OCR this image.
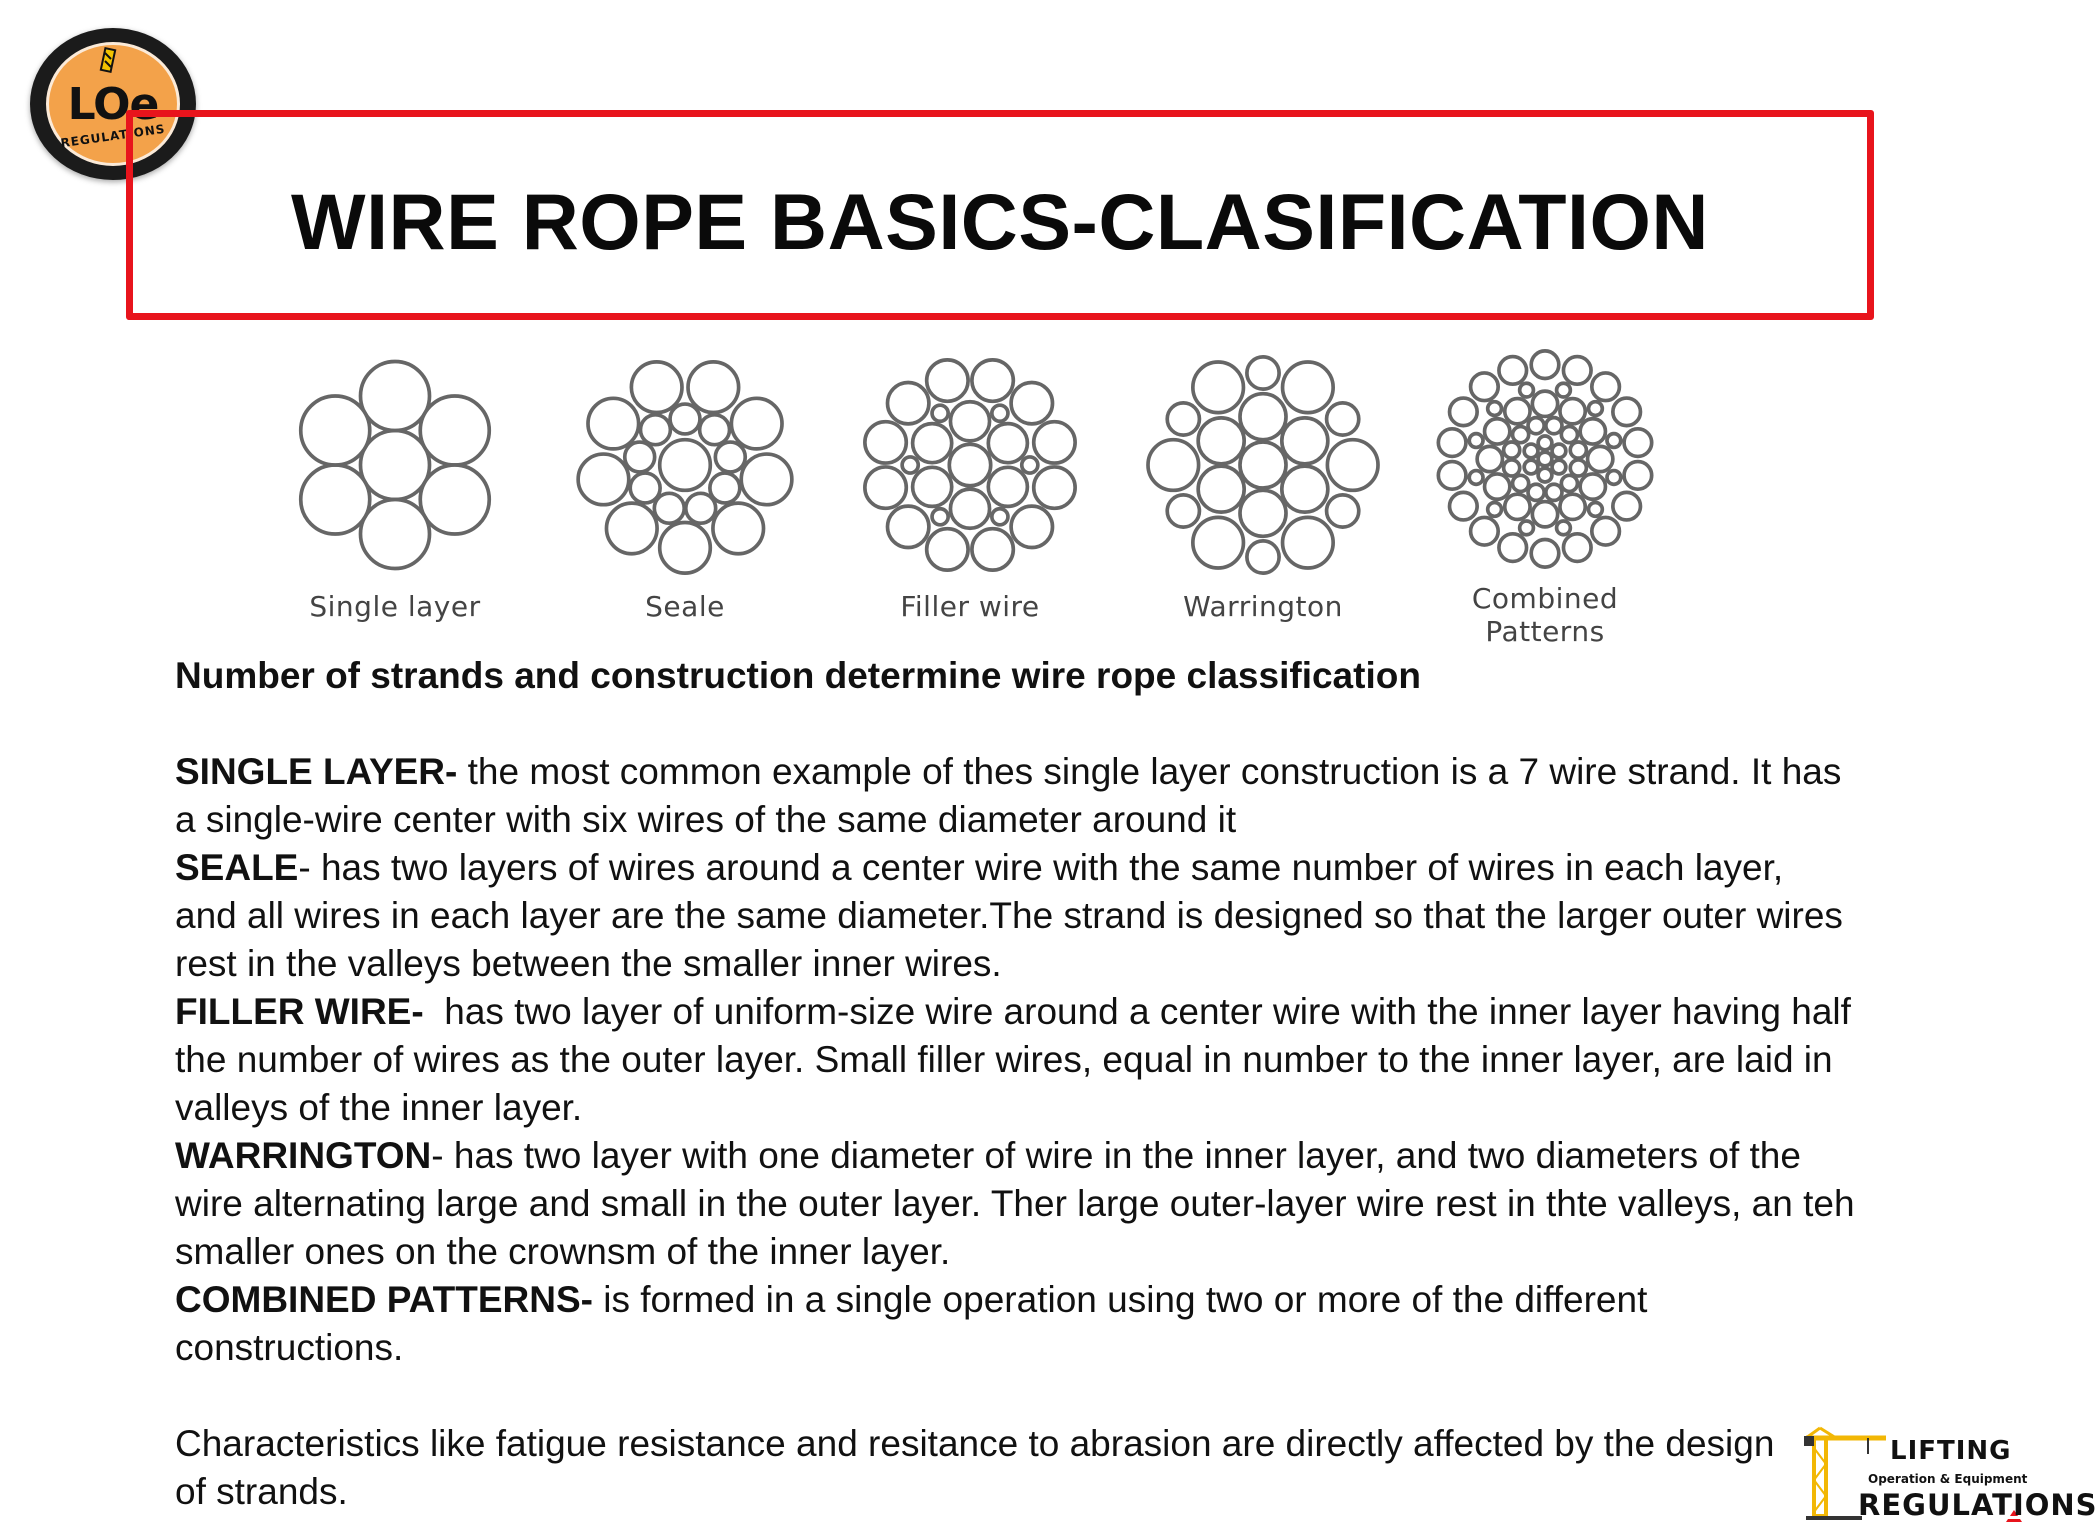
LOe
REGULATIONS
WIRE ROPE BASICS-CLASIFICATION
Single layer	Seale	Filler wire	Warrington	Combined Patterns

Number of strands and construction determine wire rope classification

SINGLE LAYER- the most common example of thes single layer construction is a 7 wire strand. It has a single-wire center with six wires of the same diameter around it

SEALE- has two layers of wires around a center wire with the same number of wires in each layer, and all wires in each layer are the same diameter.The strand is designed so that the larger outer wires rest in the valleys between the smaller inner wires.

FILLER WIRE-  has two layer of uniform-size wire around a center wire with the inner layer having half the number of wires as the outer layer. Small filler wires, equal in number to the inner layer, are laid in valleys of the inner layer.

WARRINGTON- has two layer with one diameter of wire in the inner layer, and two diameters of the wire alternating large and small in the outer layer. Ther large outer-layer wire rest in thte valleys, an teh smaller ones on the crownsm of the inner layer.

COMBINED PATTERNS- is formed in a single operation using two or more of the different constructions.

Characteristics like fatigue resistance and resitance to abrasion are directly affected by the design of strands.

LIFTING
Operation & Equipment
REGULATIONS
